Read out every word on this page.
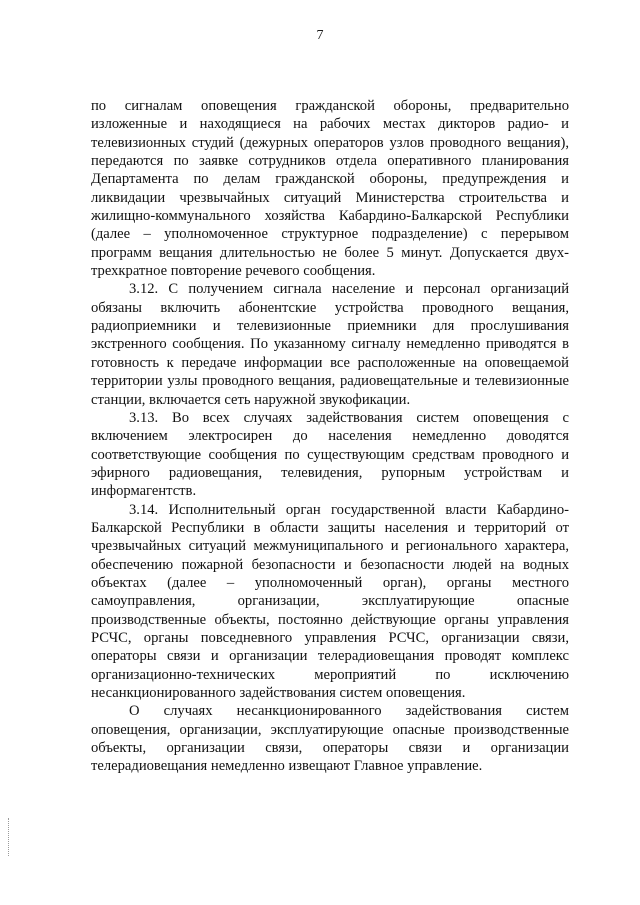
7

по сигналам оповещения гражданской обороны, предварительно изложенные и находящиеся на рабочих местах дикторов радио- и телевизионных студий (дежурных операторов узлов проводного вещания), передаются по заявке сотрудников отдела оперативного планирования Департамента по делам гражданской обороны, предупреждения и ликвидации чрезвычайных ситуаций Министерства строительства и жилищно-коммунального хозяйства Кабардино-Балкарской Республики (далее – уполномоченное структурное подразделение) с перерывом программ вещания длительностью не более 5 минут. Допускается двух-трехкратное повторение речевого сообщения.

3.12. С получением сигнала население и персонал организаций обязаны включить абонентские устройства проводного вещания, радиоприемники и телевизионные приемники для прослушивания экстренного сообщения. По указанному сигналу немедленно приводятся в готовность к передаче информации все расположенные на оповещаемой территории узлы проводного вещания, радиовещательные и телевизионные станции, включается сеть наружной звукофикации.

3.13. Во всех случаях задействования систем оповещения с включением электросирен до населения немедленно доводятся соответствующие сообщения по существующим средствам проводного и эфирного радиовещания, телевидения, рупорным устройствам и информагентств.

3.14. Исполнительный орган государственной власти Кабардино-Балкарской Республики в области защиты населения и территорий от чрезвычайных ситуаций межмуниципального и регионального характера, обеспечению пожарной безопасности и безопасности людей на водных объектах (далее – уполномоченный орган), органы местного самоуправления, организации, эксплуатирующие опасные производственные объекты, постоянно действующие органы управления РСЧС, органы повседневного управления РСЧС, организации связи, операторы связи и организации телерадиовещания проводят комплекс организационно-технических мероприятий по исключению несанкционированного задействования систем оповещения.

О случаях несанкционированного задействования систем оповещения, организации, эксплуатирующие опасные производственные объекты, организации связи, операторы связи и организации телерадиовещания немедленно извещают Главное управление.
